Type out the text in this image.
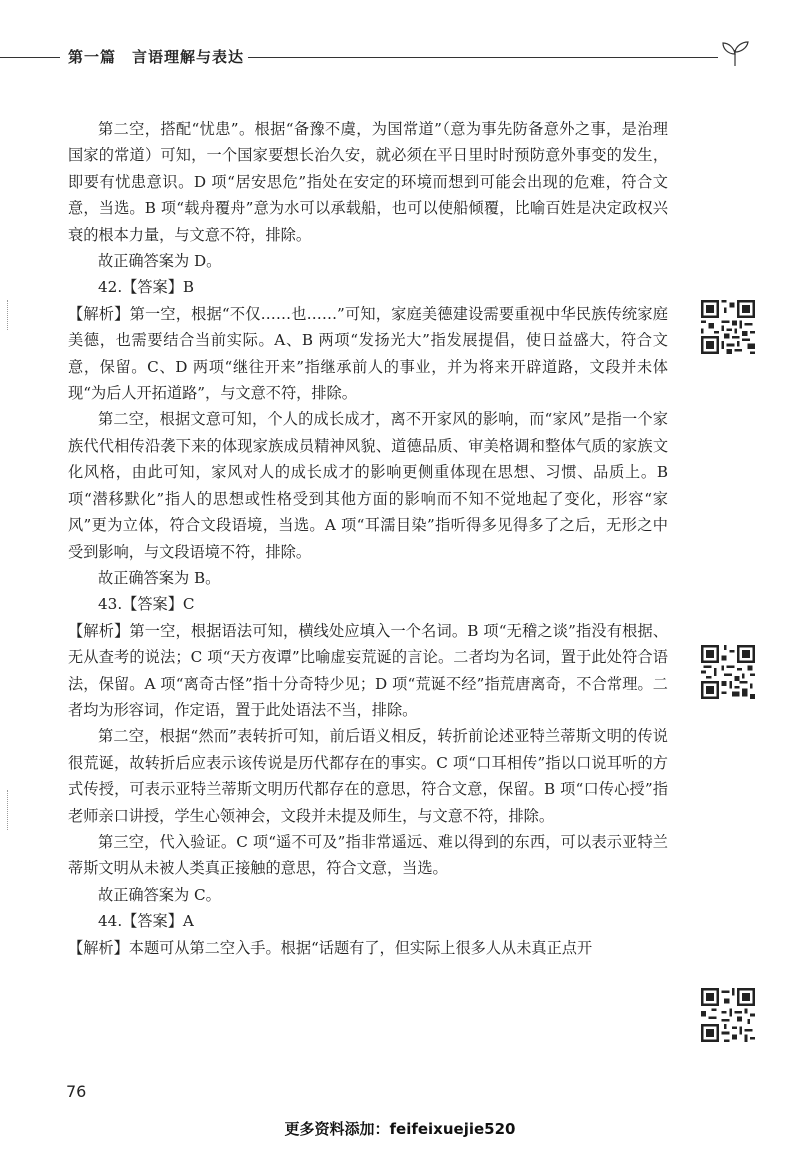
第一篇　言语理解与表达

第二空，搭配“忧患”。根据“备豫不虞，为国常道”（意为事先防备意外之事，是治理国家的常道）可知，一个国家要想长治久安，就必须在平日里时时预防意外事变的发生，即要有忧患意识。D 项“居安思危”指处在安定的环境而想到可能会出现的危难，符合文意，当选。B 项“载舟覆舟”意为水可以承载船，也可以使船倾覆，比喻百姓是决定政权兴衰的根本力量，与文意不符，排除。

故正确答案为 D。

42.【答案】B

【解析】第一空，根据“不仅……也……”可知，家庭美德建设需要重视中华民族传统家庭美德，也需要结合当前实际。A、B 两项“发扬光大”指发展提倡，使日益盛大，符合文意，保留。C、D 两项“继往开来”指继承前人的事业，并为将来开辟道路，文段并未体现“为后人开拓道路”，与文意不符，排除。

第二空，根据文意可知，个人的成长成才，离不开家风的影响，而“家风”是指一个家族代代相传沿袭下来的体现家族成员精神风貌、道德品质、审美格调和整体气质的家族文化风格，由此可知，家风对人的成长成才的影响更侧重体现在思想、习惯、品质上。B 项“潜移默化”指人的思想或性格受到其他方面的影响而不知不觉地起了变化，形容“家风”更为立体，符合文段语境，当选。A 项“耳濡目染”指听得多见得多了之后，无形之中受到影响，与文段语境不符，排除。

故正确答案为 B。

43.【答案】C

【解析】第一空，根据语法可知，横线处应填入一个名词。B 项“无稽之谈”指没有根据、无从查考的说法；C 项“天方夜谭”比喻虚妄荒诞的言论。二者均为名词，置于此处符合语法，保留。A 项“离奇古怪”指十分奇特少见；D 项“荒诞不经”指荒唐离奇，不合常理。二者均为形容词，作定语，置于此处语法不当，排除。

第二空，根据“然而”表转折可知，前后语义相反，转折前论述亚特兰蒂斯文明的传说很荒诞，故转折后应表示该传说是历代都存在的事实。C 项“口耳相传”指以口说耳听的方式传授，可表示亚特兰蒂斯文明历代都存在的意思，符合文意，保留。B 项“口传心授”指老师亲口讲授，学生心领神会，文段并未提及师生，与文意不符，排除。

第三空，代入验证。C 项“遥不可及”指非常遥远、难以得到的东西，可以表示亚特兰蒂斯文明从未被人类真正接触的意思，符合文意，当选。

故正确答案为 C。

44.【答案】A

【解析】本题可从第二空入手。根据“话题有了，但实际上很多人从未真正点开

76
更多资料添加：feifeixuejie520
